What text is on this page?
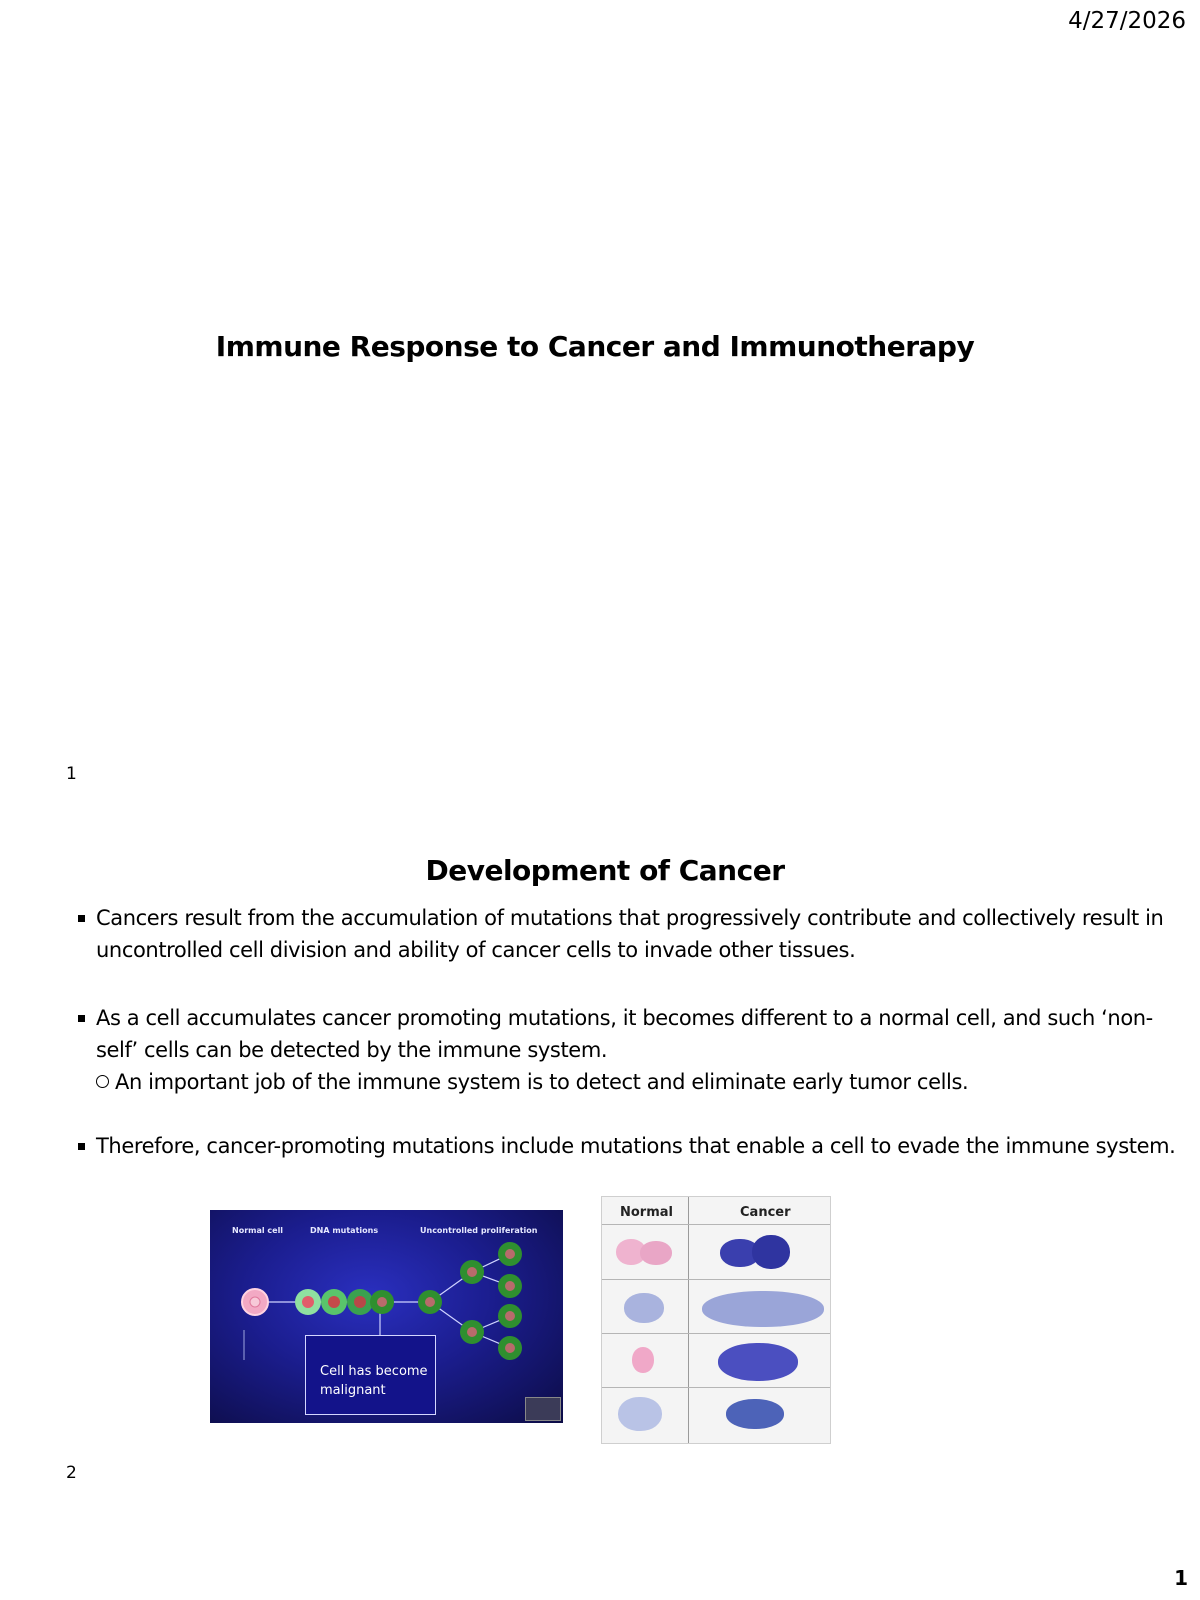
4/27/2026
Immune Response to Cancer and Immunotherapy
1
Development of Cancer
Cancers result from the accumulation of mutations that progressively contribute and collectively result in uncontrolled cell division and ability of cancer cells to invade other tissues.
As a cell accumulates cancer promoting mutations, it becomes different to a normal cell, and such ‘non-self’ cells can be detected by the immune system.
An important job of the immune system is to detect and eliminate early tumor cells.
Therefore, cancer-promoting mutations include mutations that enable a cell to evade the immune system.
Normal cell	DNA mutations	Uncontrolled proliferation
Cell has become malignant
Normal	Cancer
2
1
